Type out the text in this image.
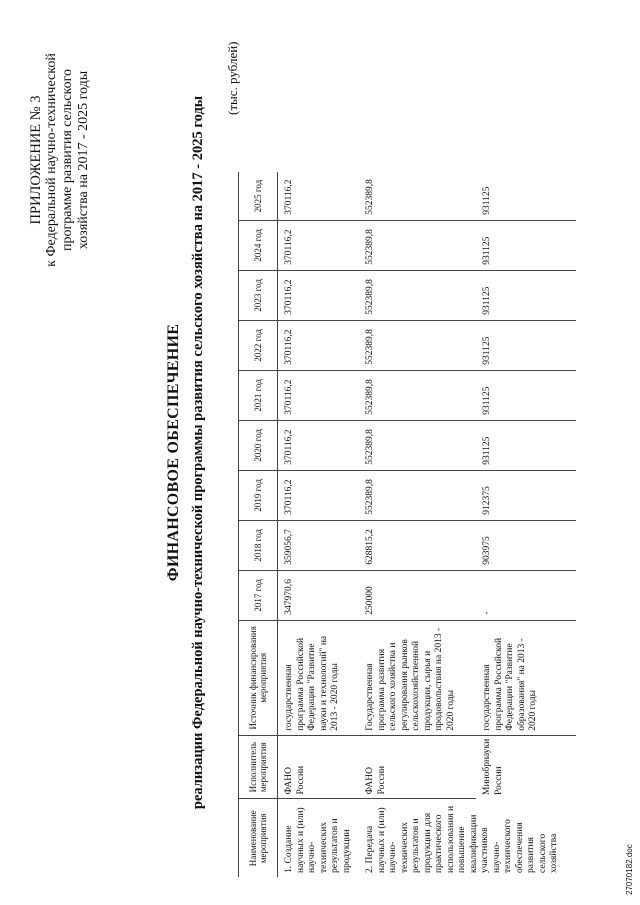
ПРИЛОЖЕНИЕ № 3 к Федеральной научно-технической программе развития сельского хозяйства на 2017 - 2025 годы
ФИНАНСОВОЕ ОБЕСПЕЧЕНИЕ реализации Федеральной научно-технической программы развития сельского хозяйства на 2017 - 2025 годы
(тыс. рублей)
Наименование мероприятия	Исполнитель мероприятия	Источник финансирования мероприятия	2017 год	2018 год	2019 год	2020 год	2021 год	2022 год	2023 год	2024 год	2025 год
1. Создание научных и (или) научно-технических результатов и продукции	ФАНО России	государственная программа Российской Федерации "Развитие науки и технологий" на 2013 - 2020 годы	347970,6	359056,7	370116,2	370116,2	370116,2	370116,2	370116,2	370116,2	370116,2
2. Передача научных и (или) научно-технических результатов и продукции для практического использования и повышение квалификации участников научно-технического обеспечения развития сельского хозяйства	ФАНО России	Государственная программа развития сельского хозяйства и регулирования рынков сельскохозяйственной продукции, сырья и продовольствия на 2013 - 2020 годы	250000	628815,2	552389,8	552389,8	552389,8	552389,8	552389,8	552389,8	552389,8
	Минобрнауки России	государственная программа Российской Федерации "Развитие образования" на 2013 - 2020 годы	-	903975	912375	931125	931125	931125	931125	931125	931125
27070182.doc
